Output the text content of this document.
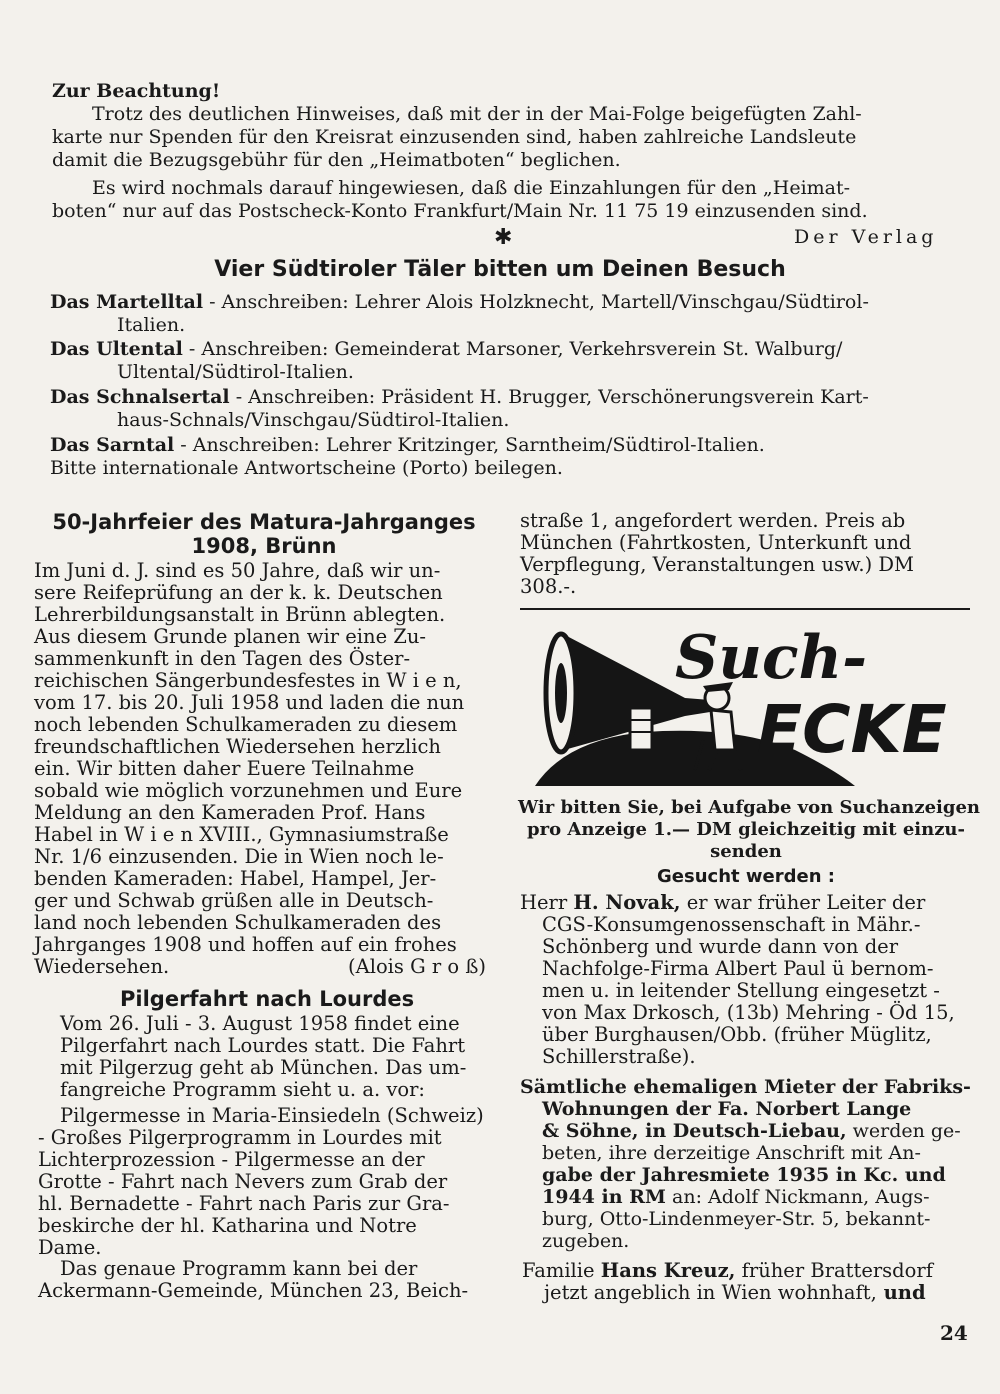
Zur Beachtung!

Trotz des deutlichen Hinweises, daß mit der in der Mai-Folge beigefügten Zahl-
karte nur Spenden für den Kreisrat einzusenden sind, haben zahlreiche Landsleute
damit die Bezugsgebühr für den „Heimatboten“ beglichen.

Es wird nochmals darauf hingewiesen, daß die Einzahlungen für den „Heimat-
boten“ nur auf das Postscheck-Konto Frankfurt/Main Nr. 11 75 19 einzusenden sind.

✱	Der Verlag
Vier Südtiroler Täler bitten um Deinen Besuch

Das Martelltal - Anschreiben: Lehrer Alois Holzknecht, Martell/Vinschgau/Südtirol-
Italien.

Das Ultental - Anschreiben: Gemeinderat Marsoner, Verkehrsverein St. Walburg/
Ultental/Südtirol-Italien.

Das Schnalsertal - Anschreiben: Präsident H. Brugger, Verschönerungsverein Kart-
haus-Schnals/Vinschgau/Südtirol-Italien.

Das Sarntal - Anschreiben: Lehrer Kritzinger, Sarntheim/Südtirol-Italien.

Bitte internationale Antwortscheine (Porto) beilegen.

50-Jahrfeier des Matura-Jahrganges
1908, Brünn

Im Juni d. J. sind es 50 Jahre, daß wir un-
sere Reifeprüfung an der k. k. Deutschen
Lehrerbildungsanstalt in Brünn ablegten.
Aus diesem Grunde planen wir eine Zu-
sammenkunft in den Tagen des Öster-
reichischen Sängerbundesfestes in W i e n,
vom 17. bis 20. Juli 1958 und laden die nun
noch lebenden Schulkameraden zu diesem
freundschaftlichen Wiedersehen herzlich
ein. Wir bitten daher Euere Teilnahme
sobald wie möglich vorzunehmen und Eure
Meldung an den Kameraden Prof. Hans
Habel in W i e n XVIII., Gymnasiumstraße
Nr. 1/6 einzusenden. Die in Wien noch le-
benden Kameraden: Habel, Hampel, Jer-
ger und Schwab grüßen alle in Deutsch-
land noch lebenden Schulkameraden des
Jahrganges 1908 und hoffen auf ein frohes
Wiedersehen.	(Alois G r o ß)

Pilgerfahrt nach Lourdes

Vom 26. Juli - 3. August 1958 findet eine
Pilgerfahrt nach Lourdes statt. Die Fahrt
mit Pilgerzug geht ab München. Das um-
fangreiche Programm sieht u. a. vor:

Pilgermesse in Maria-Einsiedeln (Schweiz)
- Großes Pilgerprogramm in Lourdes mit
Lichterprozession - Pilgermesse an der
Grotte - Fahrt nach Nevers zum Grab der
hl. Bernadette - Fahrt nach Paris zur Gra-
beskirche der hl. Katharina und Notre
Dame.

Das genaue Programm kann bei der
Ackermann-Gemeinde, München 23, Beich-

straße 1, angefordert werden. Preis ab
München (Fahrtkosten, Unterkunft und
Verpflegung, Veranstaltungen usw.) DM
308.-.

Such-
ECKE

Wir bitten Sie, bei Aufgabe von Suchanzeigen
pro Anzeige 1.— DM gleichzeitig mit einzu-
senden

Gesucht werden :

Herr H. Novak, er war früher Leiter der
CGS-Konsumgenossenschaft in Mähr.-
Schönberg und wurde dann von der
Nachfolge-Firma Albert Paul ü bernom-
men u. in leitender Stellung eingesetzt -
von Max Drkosch, (13b) Mehring - Öd 15,
über Burghausen/Obb. (früher Müglitz,
Schillerstraße).

Sämtliche ehemaligen Mieter der Fabriks-
Wohnungen der Fa. Norbert Lange
& Söhne, in Deutsch-Liebau, werden ge-
beten, ihre derzeitige Anschrift mit An-
gabe der Jahresmiete 1935 in Kc. und
1944 in RM an: Adolf Nickmann, Augs-
burg, Otto-Lindenmeyer-Str. 5, bekannt-
zugeben.

Familie Hans Kreuz, früher Brattersdorf
jetzt angeblich in Wien wohnhaft, und

24
